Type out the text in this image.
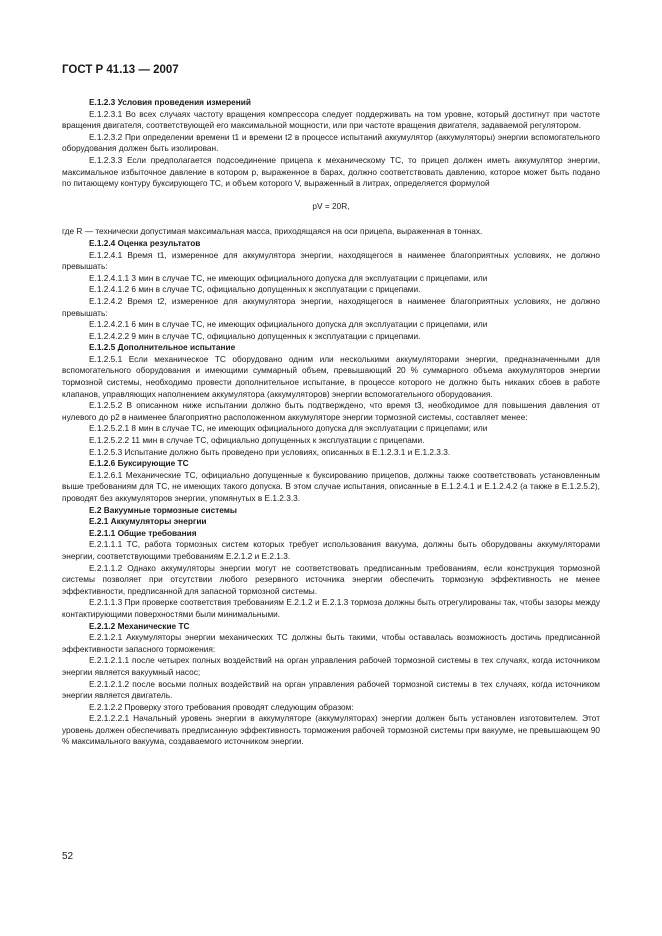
ГОСТ Р 41.13 — 2007

E.1.2.3 Условия проведения измерений

E.1.2.3.1 Во всех случаях частоту вращения компрессора следует поддерживать на том уровне, который достигнут при частоте вращения двигателя, соответствующей его максимальной мощности, или при частоте вращения двигателя, задаваемой регулятором.

E.1.2.3.2 При определении времени t1 и времени t2 в процессе испытаний аккумулятор (аккумуляторы) энергии вспомогательного оборудования должен быть изолирован.

E.1.2.3.3 Если предполагается подсоединение прицепа к механическому ТС, то прицеп должен иметь аккумулятор энергии, максимальное избыточное давление в котором p, выраженное в барах, должно соответствовать давлению, которое может быть подано по питающему контуру буксирующего ТС, и объем которого V, выраженный в литрах, определяется формулой

pV = 20R,

где R — технически допустимая максимальная масса, приходящаяся на оси прицепа, выраженная в тоннах.

E.1.2.4 Оценка результатов

E.1.2.4.1 Время t1, измеренное для аккумулятора энергии, находящегося в наименее благоприятных условиях, не должно превышать:

E.1.2.4.1.1 3 мин в случае ТС, не имеющих официального допуска для эксплуатации с прицепами, или

E.1.2.4.1.2 6 мин в случае ТС, официально допущенных к эксплуатации с прицепами.

E.1.2.4.2 Время t2, измеренное для аккумулятора энергии, находящегося в наименее благоприятных условиях, не должно превышать:

E.1.2.4.2.1 6 мин в случае ТС, не имеющих официального допуска для эксплуатации с прицепами, или

E.1.2.4.2.2 9 мин в случае ТС, официально допущенных к эксплуатации с прицепами.

E.1.2.5 Дополнительное испытание

E.1.2.5.1 Если механическое ТС оборудовано одним или несколькими аккумуляторами энергии, предназначенными для вспомогательного оборудования и имеющими суммарный объем, превышающий 20 % суммарного объема аккумуляторов энергии тормозной системы, необходимо провести дополнительное испытание, в процессе которого не должно быть никаких сбоев в работе клапанов, управляющих наполнением аккумулятора (аккумуляторов) энергии вспомогательного оборудования.

E.1.2.5.2 В описанном ниже испытании должно быть подтверждено, что время t3, необходимое для повышения давления от нулевого до p2 в наименее благоприятно расположенном аккумуляторе энергии тормозной системы, составляет менее:

E.1.2.5.2.1 8 мин в случае ТС, не имеющих официального допуска для эксплуатации с прицепами; или

E.1.2.5.2.2 11 мин в случае ТС, официально допущенных к эксплуатации с прицепами.

E.1.2.5.3 Испытание должно быть проведено при условиях, описанных в E.1.2.3.1 и E.1.2.3.3.

E.1.2.6 Буксирующие ТС

E.1.2.6.1 Механические ТС, официально допущенные к буксированию прицепов, должны также соответствовать установленным выше требованиям для ТС, не имеющих такого допуска. В этом случае испытания, описанные в E.1.2.4.1 и E.1.2.4.2 (а также в E.1.2.5.2), проводят без аккумуляторов энергии, упомянутых в E.1.2.3.3.

E.2 Вакуумные тормозные системы

E.2.1 Аккумуляторы энергии

E.2.1.1 Общие требования

E.2.1.1.1 ТС, работа тормозных систем которых требует использования вакуума, должны быть оборудованы аккумуляторами энергии, соответствующими требованиям E.2.1.2 и E.2.1.3.

E.2.1.1.2 Однако аккумуляторы энергии могут не соответствовать предписанным требованиям, если конструкция тормозной системы позволяет при отсутствии любого резервного источника энергии обеспечить тормозную эффективность не менее эффективности, предписанной для запасной тормозной системы.

E.2.1.1.3 При проверке соответствия требованиям E.2.1.2 и E.2.1.3 тормоза должны быть отрегулированы так, чтобы зазоры между контактирующими поверхностями были минимальными.

E.2.1.2 Механические ТС

E.2.1.2.1 Аккумуляторы энергии механических ТС должны быть такими, чтобы оставалась возможность достичь предписанной эффективности запасного торможения:

E.2.1.2.1.1 после четырех полных воздействий на орган управления рабочей тормозной системы в тех случаях, когда источником энергии является вакуумный насос;

E.2.1.2.1.2 после восьми полных воздействий на орган управления рабочей тормозной системы в тех случаях, когда источником энергии является двигатель.

E.2.1.2.2 Проверку этого требования проводят следующим образом:

E.2.1.2.2.1 Начальный уровень энергии в аккумуляторе (аккумуляторах) энергии должен быть установлен изготовителем. Этот уровень должен обеспечивать предписанную эффективность торможения рабочей тормозной системы при вакууме, не превышающем 90 % максимального вакуума, создаваемого источником энергии.

52
